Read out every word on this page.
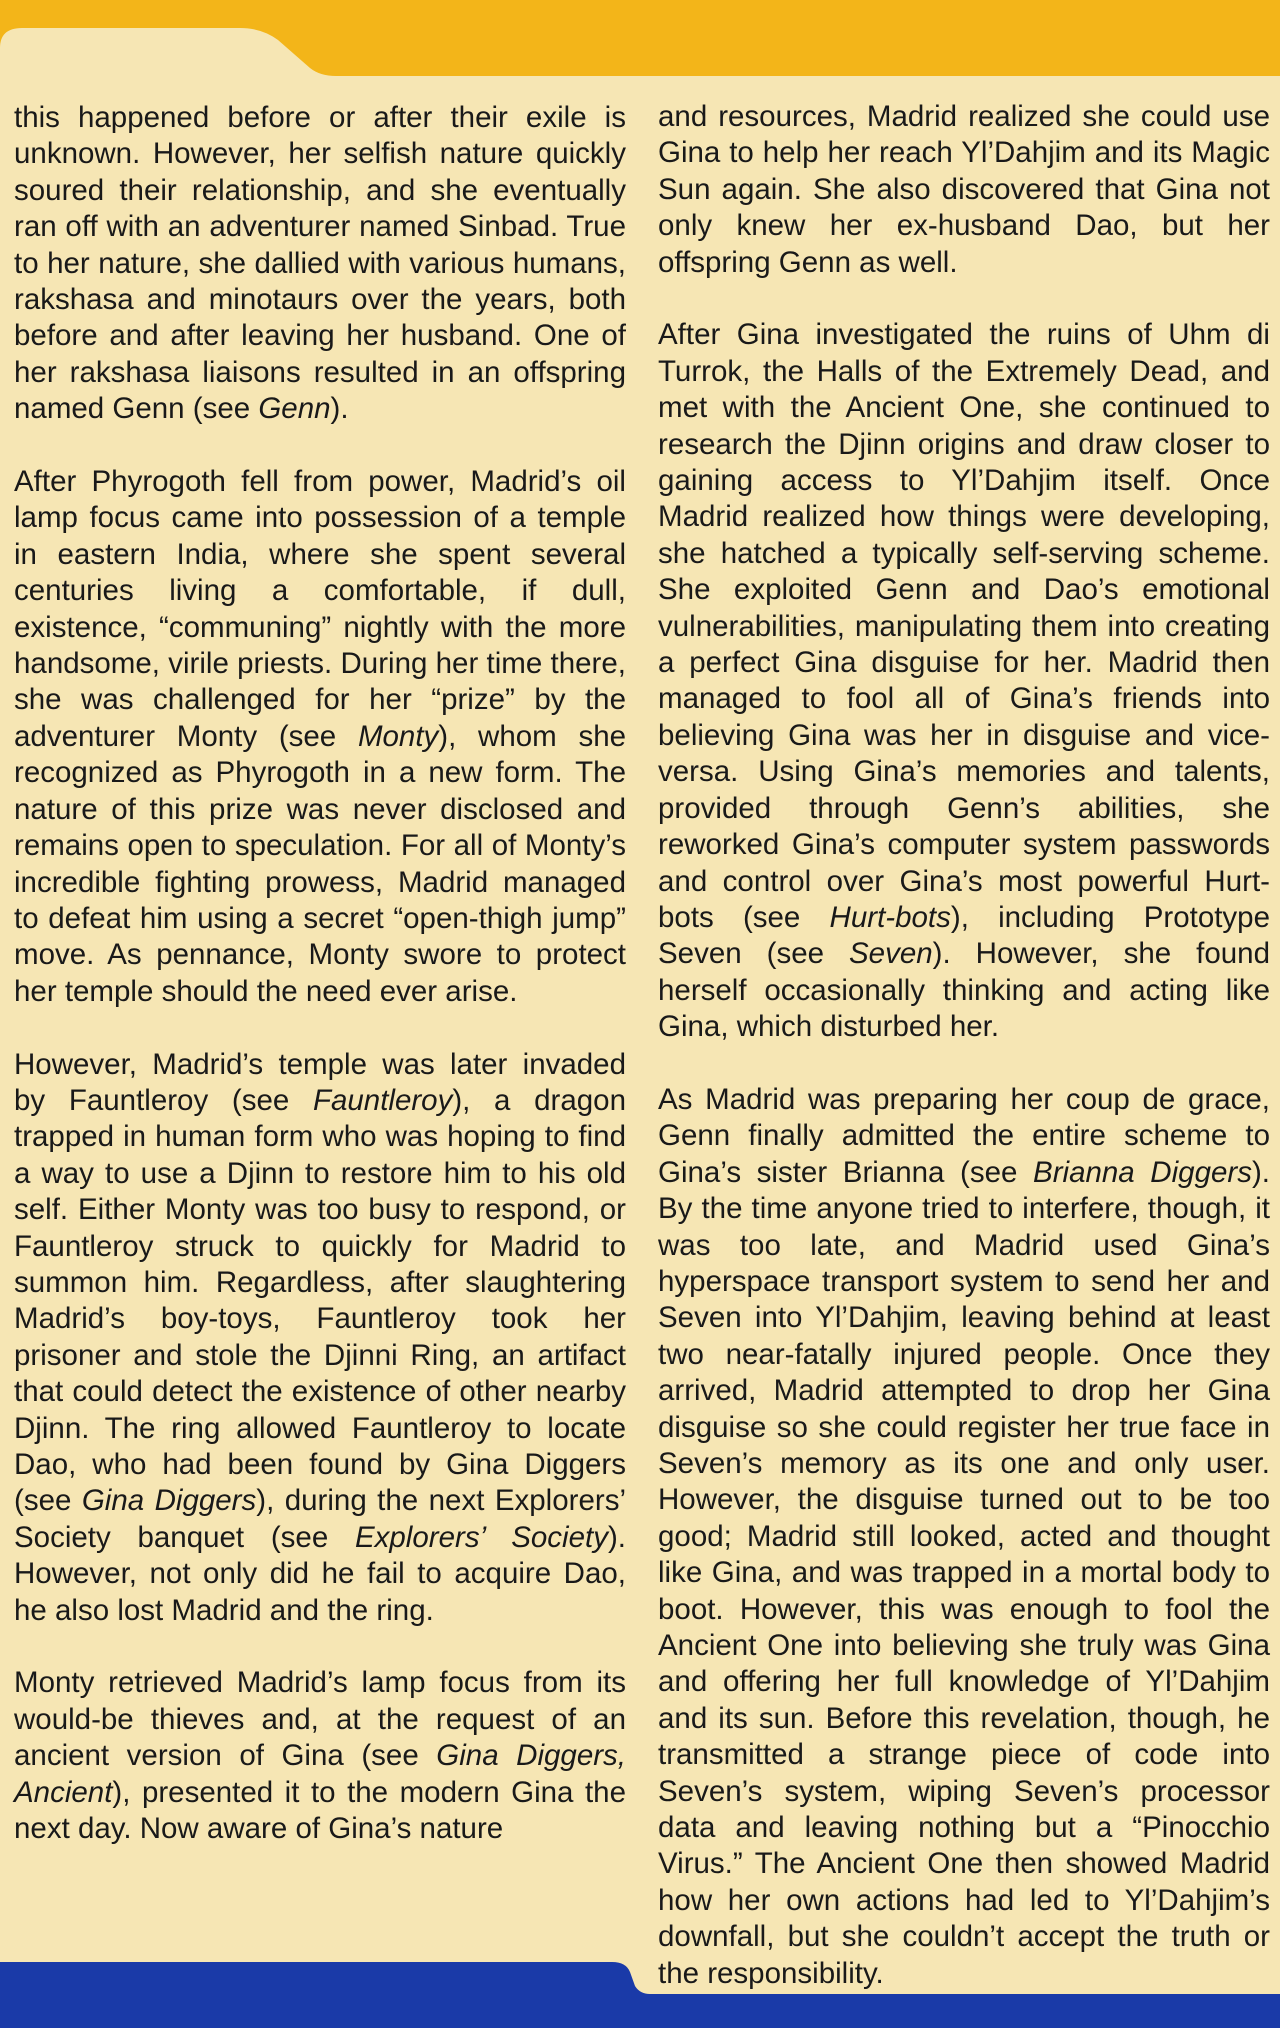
this happened before or after their exile is unknown. However, her selfish nature quickly soured their relationship, and she eventually ran off with an adventurer named Sinbad. True to her nature, she dallied with various humans, rakshasa and minotaurs over the years, both before and after leaving her husband. One of her rakshasa liaisons resulted in an offspring named Genn (see Genn).

After Phyrogoth fell from power, Madrid’s oil lamp focus came into possession of a temple in eastern India, where she spent several centuries living a comfortable, if dull, existence, “communing” nightly with the more handsome, virile priests. During her time there, she was challenged for her “prize” by the adventurer Monty (see Monty), whom she recognized as Phyrogoth in a new form. The nature of this prize was never disclosed and remains open to speculation. For all of Monty’s incredible fighting prowess, Madrid managed to defeat him using a secret “open-thigh jump” move. As pennance, Monty swore to protect her temple should the need ever arise.

However, Madrid’s temple was later invaded by Fauntleroy (see Fauntleroy), a dragon trapped in human form who was hoping to find a way to use a Djinn to restore him to his old self. Either Monty was too busy to respond, or Fauntleroy struck to quickly for Madrid to summon him. Regardless, after slaughtering Madrid’s boy-toys, Fauntleroy took her prisoner and stole the Djinni Ring, an artifact that could detect the existence of other nearby Djinn. The ring allowed Fauntleroy to locate Dao, who had been found by Gina Diggers (see Gina Diggers), during the next Explorers’ Society banquet (see Explorers’ Society). However, not only did he fail to acquire Dao, he also lost Madrid and the ring.

Monty retrieved Madrid’s lamp focus from its would-be thieves and, at the request of an ancient version of Gina (see Gina Diggers, Ancient), presented it to the modern Gina the next day. Now aware of Gina’s nature

and resources, Madrid realized she could use Gina to help her reach Yl’Dahjim and its Magic Sun again. She also discovered that Gina not only knew her ex-husband Dao, but her offspring Genn as well.

After Gina investigated the ruins of Uhm di Turrok, the Halls of the Extremely Dead, and met with the Ancient One, she continued to research the Djinn origins and draw closer to gaining access to Yl’Dahjim itself. Once Madrid realized how things were developing, she hatched a typically self-serving scheme. She exploited Genn and Dao’s emotional vulnerabilities, manipulating them into creating a perfect Gina disguise for her. Madrid then managed to fool all of Gina’s friends into believing Gina was her in disguise and vice-versa. Using Gina’s memories and talents, provided through Genn’s abilities, she reworked Gina’s computer system passwords and control over Gina’s most powerful Hurt-bots (see Hurt-bots), including Prototype Seven (see Seven). However, she found herself occasionally thinking and acting like Gina, which disturbed her.

As Madrid was preparing her coup de grace, Genn finally admitted the entire scheme to Gina’s sister Brianna (see Brianna Diggers). By the time anyone tried to interfere, though, it was too late, and Madrid used Gina’s hyperspace transport system to send her and Seven into Yl’Dahjim, leaving behind at least two near-fatally injured people. Once they arrived, Madrid attempted to drop her Gina disguise so she could register her true face in Seven’s memory as its one and only user. However, the disguise turned out to be too good; Madrid still looked, acted and thought like Gina, and was trapped in a mortal body to boot. However, this was enough to fool the Ancient One into believing she truly was Gina and offering her full knowledge of Yl’Dahjim and its sun. Before this revelation, though, he transmitted a strange piece of code into Seven’s system, wiping Seven’s processor data and leaving nothing but a “Pinocchio Virus.” The Ancient One then showed Madrid how her own actions had led to Yl’Dahjim’s downfall, but she couldn’t accept the truth or the responsibility.
